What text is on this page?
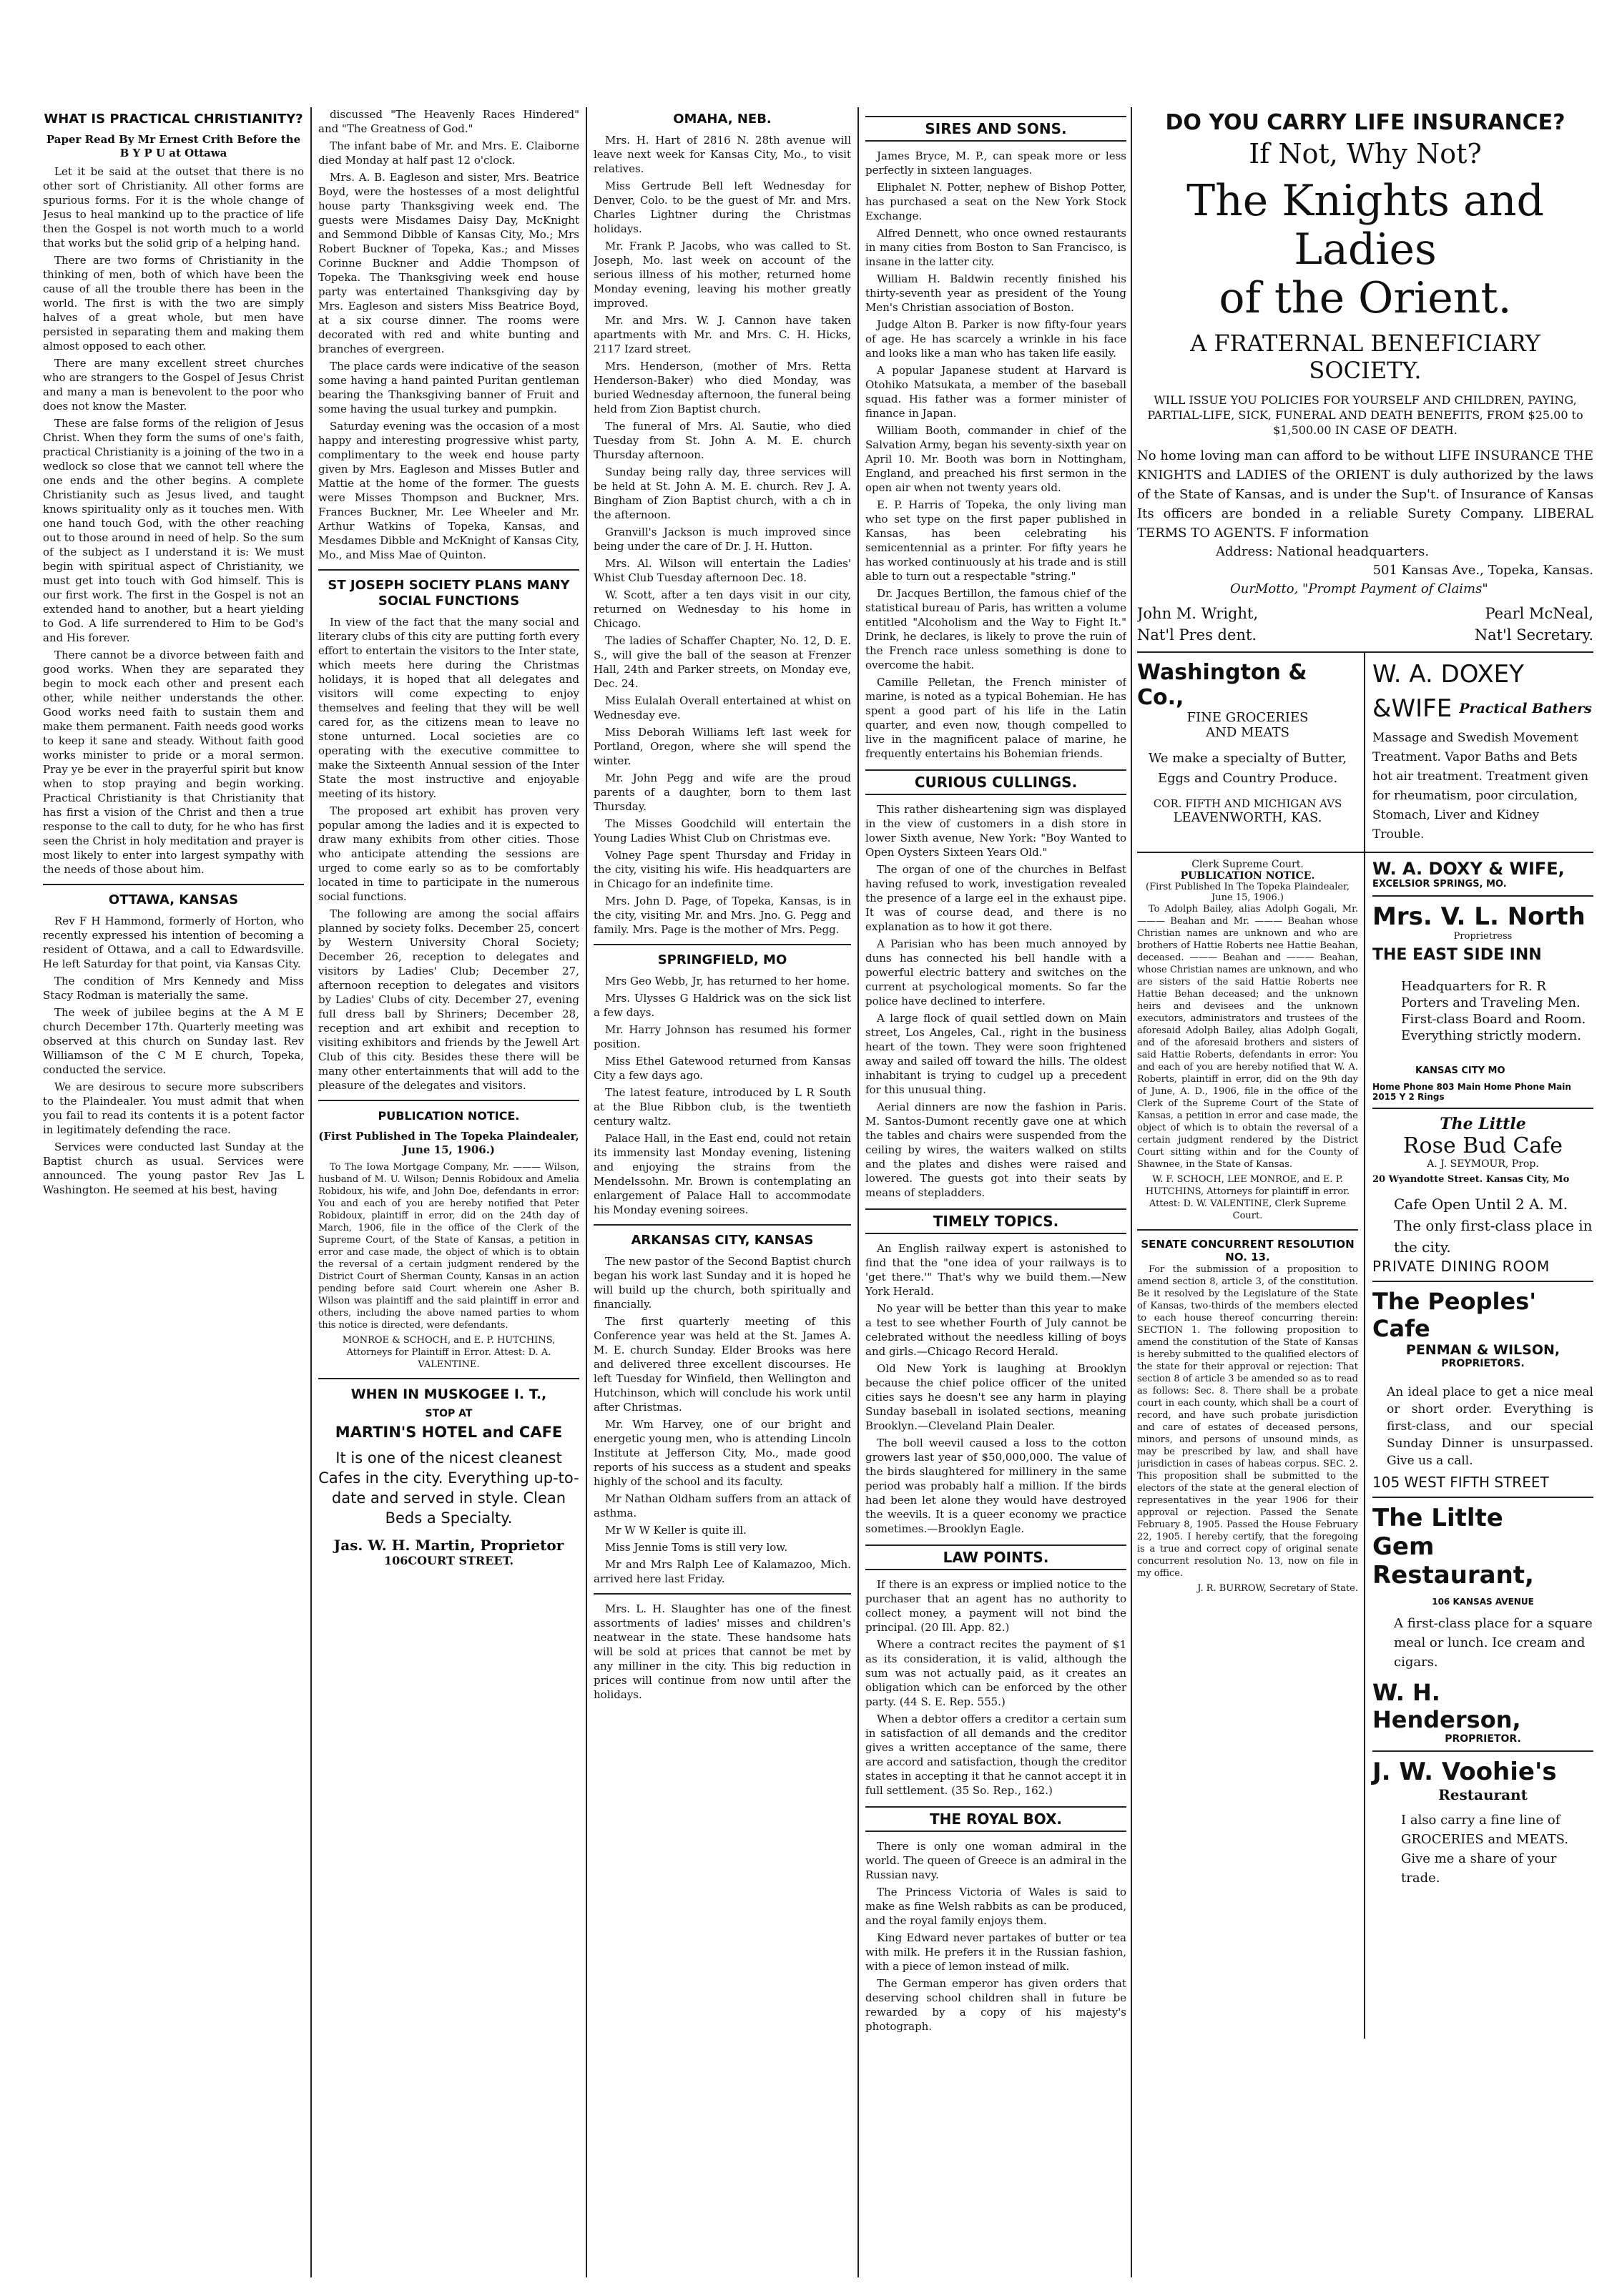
WHAT IS PRACTICAL CHRISTIANITY?
Paper Read By Mr Ernest Crith Before the B Y P U at Ottawa

Let it be said at the outset that there is no other sort of Christianity. All other forms are spurious forms. For it is the whole change of Jesus to heal mankind up to the practice of life then the Gospel is not worth much to a world that works but the solid grip of a helping hand.

There are two forms of Christianity in the thinking of men, both of which have been the cause of all the trouble there has been in the world. The first is with the two are simply halves of a great whole, but men have persisted in separating them and making them almost opposed to each other.

There are many excellent street churches who are strangers to the Gospel of Jesus Christ and many a man is benevolent to the poor who does not know the Master.

These are false forms of the religion of Jesus Christ. When they form the sums of one's faith, practical Christianity is a joining of the two in a wedlock so close that we cannot tell where the one ends and the other begins. A complete Christianity such as Jesus lived, and taught knows spirituality only as it touches men. With one hand touch God, with the other reaching out to those around in need of help. So the sum of the subject as I understand it is: We must begin with spiritual aspect of Christianity, we must get into touch with God himself. This is our first work. The first in the Gospel is not an extended hand to another, but a heart yielding to God. A life surrendered to Him to be God's and His forever.

There cannot be a divorce between faith and good works. When they are separated they begin to mock each other and present each other, while neither understands the other. Good works need faith to sustain them and make them permanent. Faith needs good works to keep it sane and steady. Without faith good works minister to pride or a moral sermon. Pray ye be ever in the prayerful spirit but know when to stop praying and begin working. Practical Christianity is that Christianity that has first a vision of the Christ and then a true response to the call to duty, for he who has first seen the Christ in holy meditation and prayer is most likely to enter into largest sympathy with the needs of those about him.

OTTAWA, KANSAS

Rev F H Hammond, formerly of Horton, who recently expressed his intention of becoming a resident of Ottawa, and a call to Edwardsville. He left Saturday for that point, via Kansas City.

The condition of Mrs Kennedy and Miss Stacy Rodman is materially the same.

The week of jubilee begins at the A M E church December 17th. Quarterly meeting was observed at this church on Sunday last. Rev Williamson of the C M E church, Topeka, conducted the service.

We are desirous to secure more subscribers to the Plaindealer. You must admit that when you fail to read its contents it is a potent factor in legitimately defending the race.

Services were conducted last Sunday at the Baptist church as usual. Services were announced. The young pastor Rev Jas L Washington. He seemed at his best, having

discussed "The Heavenly Races Hindered" and "The Greatness of God."

The infant babe of Mr. and Mrs. E. Claiborne died Monday at half past 12 o'clock.

Mrs. A. B. Eagleson and sister, Mrs. Beatrice Boyd, were the hostesses of a most delightful house party Thanksgiving week end. The guests were Misdames Daisy Day, McKnight and Semmond Dibble of Kansas City, Mo.; Mrs Robert Buckner of Topeka, Kas.; and Misses Corinne Buckner and Addie Thompson of Topeka. The Thanksgiving week end house party was entertained Thanksgiving day by Mrs. Eagleson and sisters Miss Beatrice Boyd, at a six course dinner. The rooms were decorated with red and white bunting and branches of evergreen.

The place cards were indicative of the season some having a hand painted Puritan gentleman bearing the Thanksgiving banner of Fruit and some having the usual turkey and pumpkin.

Saturday evening was the occasion of a most happy and interesting progressive whist party, complimentary to the week end house party given by Mrs. Eagleson and Misses Butler and Mattie at the home of the former. The guests were Misses Thompson and Buckner, Mrs. Frances Buckner, Mr. Lee Wheeler and Mr. Arthur Watkins of Topeka, Kansas, and Mesdames Dibble and McKnight of Kansas City, Mo., and Miss Mae of Quinton.

ST JOSEPH SOCIETY PLANS MANY SOCIAL FUNCTIONS

In view of the fact that the many social and literary clubs of this city are putting forth every effort to entertain the visitors to the Inter state, which meets here during the Christmas holidays, it is hoped that all delegates and visitors will come expecting to enjoy themselves and feeling that they will be well cared for, as the citizens mean to leave no stone unturned. Local societies are co operating with the executive committee to make the Sixteenth Annual session of the Inter State the most instructive and enjoyable meeting of its history.

The proposed art exhibit has proven very popular among the ladies and it is expected to draw many exhibits from other cities. Those who anticipate attending the sessions are urged to come early so as to be comfortably located in time to participate in the numerous social functions.

The following are among the social affairs planned by society folks. December 25, concert by Western University Choral Society; December 26, reception to delegates and visitors by Ladies' Club; December 27, afternoon reception to delegates and visitors by Ladies' Clubs of city. December 27, evening full dress ball by Shriners; December 28, reception and art exhibit and reception to visiting exhibitors and friends by the Jewell Art Club of this city. Besides these there will be many other entertainments that will add to the pleasure of the delegates and visitors.

PUBLICATION NOTICE.
(First Published in The Topeka Plaindealer, June 15, 1906.)

To The Iowa Mortgage Company, Mr. ——— Wilson, husband of M. U. Wilson; Dennis Robidoux and Amelia Robidoux, his wife, and John Doe, defendants in error: You and each of you are hereby notified that Peter Robidoux, plaintiff in error, did on the 24th day of March, 1906, file in the office of the Clerk of the Supreme Court, of the State of Kansas, a petition in error and case made, the object of which is to obtain the reversal of a certain judgment rendered by the District Court of Sherman County, Kansas in an action pending before said Court wherein one Asher B. Wilson was plaintiff and the said plaintiff in error and others, including the above named parties to whom this notice is directed, were defendants.

MONROE & SCHOCH, and E. P. HUTCHINS, Attorneys for Plaintiff in Error. Attest: D. A. VALENTINE.

WHEN IN MUSKOGEE I. T.,
STOP AT
MARTIN'S HOTEL and CAFE
It is one of the nicest cleanest Cafes in the city. Everything up-to-date and served in style. Clean Beds a Specialty.
Jas. W. H. Martin, Proprietor
106COURT STREET.
OMAHA, NEB.

Mrs. H. Hart of 2816 N. 28th avenue will leave next week for Kansas City, Mo., to visit relatives.

Miss Gertrude Bell left Wednesday for Denver, Colo. to be the guest of Mr. and Mrs. Charles Lightner during the Christmas holidays.

Mr. Frank P. Jacobs, who was called to St. Joseph, Mo. last week on account of the serious illness of his mother, returned home Monday evening, leaving his mother greatly improved.

Mr. and Mrs. W. J. Cannon have taken apartments with Mr. and Mrs. C. H. Hicks, 2117 Izard street.

Mrs. Henderson, (mother of Mrs. Retta Henderson-Baker) who died Monday, was buried Wednesday afternoon, the funeral being held from Zion Baptist church.

The funeral of Mrs. Al. Sautie, who died Tuesday from St. John A. M. E. church Thursday afternoon.

Sunday being rally day, three services will be held at St. John A. M. E. church. Rev J. A. Bingham of Zion Baptist church, with a ch in the afternoon.

Granvill's Jackson is much improved since being under the care of Dr. J. H. Hutton.

Mrs. Al. Wilson will entertain the Ladies' Whist Club Tuesday afternoon Dec. 18.

W. Scott, after a ten days visit in our city, returned on Wednesday to his home in Chicago.

The ladies of Schaffer Chapter, No. 12, D. E. S., will give the ball of the season at Frenzer Hall, 24th and Parker streets, on Monday eve, Dec. 24.

Miss Eulalah Overall entertained at whist on Wednesday eve.

Miss Deborah Williams left last week for Portland, Oregon, where she will spend the winter.

Mr. John Pegg and wife are the proud parents of a daughter, born to them last Thursday.

The Misses Goodchild will entertain the Young Ladies Whist Club on Christmas eve.

Volney Page spent Thursday and Friday in the city, visiting his wife. His headquarters are in Chicago for an indefinite time.

Mrs. John D. Page, of Topeka, Kansas, is in the city, visiting Mr. and Mrs. Jno. G. Pegg and family. Mrs. Page is the mother of Mrs. Pegg.

SPRINGFIELD, MO

Mrs Geo Webb, Jr, has returned to her home.

Mrs. Ulysses G Haldrick was on the sick list a few days.

Mr. Harry Johnson has resumed his former position.

Miss Ethel Gatewood returned from Kansas City a few days ago.

The latest feature, introduced by L R South at the Blue Ribbon club, is the twentieth century waltz.

Palace Hall, in the East end, could not retain its immensity last Monday evening, listening and enjoying the strains from the Mendelssohn. Mr. Brown is contemplating an enlargement of Palace Hall to accommodate his Monday evening soirees.

ARKANSAS CITY, KANSAS

The new pastor of the Second Baptist church began his work last Sunday and it is hoped he will build up the church, both spiritually and financially.

The first quarterly meeting of this Conference year was held at the St. James A. M. E. church Sunday. Elder Brooks was here and delivered three excellent discourses. He left Tuesday for Winfield, then Wellington and Hutchinson, which will conclude his work until after Christmas.

Mr. Wm Harvey, one of our bright and energetic young men, who is attending Lincoln Institute at Jefferson City, Mo., made good reports of his success as a student and speaks highly of the school and its faculty.

Mr Nathan Oldham suffers from an attack of asthma.

Mr W W Keller is quite ill.

Miss Jennie Toms is still very low.

Mr and Mrs Ralph Lee of Kalamazoo, Mich. arrived here last Friday.

Mrs. L. H. Slaughter has one of the finest assortments of ladies' misses and children's neatwear in the state. These handsome hats will be sold at prices that cannot be met by any milliner in the city. This big reduction in prices will continue from now until after the holidays.

SIRES AND SONS.

James Bryce, M. P., can speak more or less perfectly in sixteen languages.

Eliphalet N. Potter, nephew of Bishop Potter, has purchased a seat on the New York Stock Exchange.

Alfred Dennett, who once owned restaurants in many cities from Boston to San Francisco, is insane in the latter city.

William H. Baldwin recently finished his thirty-seventh year as president of the Young Men's Christian association of Boston.

Judge Alton B. Parker is now fifty-four years of age. He has scarcely a wrinkle in his face and looks like a man who has taken life easily.

A popular Japanese student at Harvard is Otohiko Matsukata, a member of the baseball squad. His father was a former minister of finance in Japan.

William Booth, commander in chief of the Salvation Army, began his seventy-sixth year on April 10. Mr. Booth was born in Nottingham, England, and preached his first sermon in the open air when not twenty years old.

E. P. Harris of Topeka, the only living man who set type on the first paper published in Kansas, has been celebrating his semicentennial as a printer. For fifty years he has worked continuously at his trade and is still able to turn out a respectable "string."

Dr. Jacques Bertillon, the famous chief of the statistical bureau of Paris, has written a volume entitled "Alcoholism and the Way to Fight It." Drink, he declares, is likely to prove the ruin of the French race unless something is done to overcome the habit.

Camille Pelletan, the French minister of marine, is noted as a typical Bohemian. He has spent a good part of his life in the Latin quarter, and even now, though compelled to live in the magnificent palace of marine, he frequently entertains his Bohemian friends.

CURIOUS CULLINGS.

This rather disheartening sign was displayed in the view of customers in a dish store in lower Sixth avenue, New York: "Boy Wanted to Open Oysters Sixteen Years Old."

The organ of one of the churches in Belfast having refused to work, investigation revealed the presence of a large eel in the exhaust pipe. It was of course dead, and there is no explanation as to how it got there.

A Parisian who has been much annoyed by duns has connected his bell handle with a powerful electric battery and switches on the current at psychological moments. So far the police have declined to interfere.

A large flock of quail settled down on Main street, Los Angeles, Cal., right in the business heart of the town. They were soon frightened away and sailed off toward the hills. The oldest inhabitant is trying to cudgel up a precedent for this unusual thing.

Aerial dinners are now the fashion in Paris. M. Santos-Dumont recently gave one at which the tables and chairs were suspended from the ceiling by wires, the waiters walked on stilts and the plates and dishes were raised and lowered. The guests got into their seats by means of stepladders.

TIMELY TOPICS.

An English railway expert is astonished to find that the "one idea of your railways is to 'get there.'" That's why we build them.—New York Herald.

No year will be better than this year to make a test to see whether Fourth of July cannot be celebrated without the needless killing of boys and girls.—Chicago Record Herald.

Old New York is laughing at Brooklyn because the chief police officer of the united cities says he doesn't see any harm in playing Sunday baseball in isolated sections, meaning Brooklyn.—Cleveland Plain Dealer.

The boll weevil caused a loss to the cotton growers last year of $50,000,000. The value of the birds slaughtered for millinery in the same period was probably half a million. If the birds had been let alone they would have destroyed the weevils. It is a queer economy we practice sometimes.—Brooklyn Eagle.

LAW POINTS.

If there is an express or implied notice to the purchaser that an agent has no authority to collect money, a payment will not bind the principal. (20 Ill. App. 82.)

Where a contract recites the payment of $1 as its consideration, it is valid, although the sum was not actually paid, as it creates an obligation which can be enforced by the other party. (44 S. E. Rep. 555.)

When a debtor offers a creditor a certain sum in satisfaction of all demands and the creditor gives a written acceptance of the same, there are accord and satisfaction, though the creditor states in accepting it that he cannot accept it in full settlement. (35 So. Rep., 162.)

THE ROYAL BOX.

There is only one woman admiral in the world. The queen of Greece is an admiral in the Russian navy.

The Princess Victoria of Wales is said to make as fine Welsh rabbits as can be produced, and the royal family enjoys them.

King Edward never partakes of butter or tea with milk. He prefers it in the Russian fashion, with a piece of lemon instead of milk.

The German emperor has given orders that deserving school children shall in future be rewarded by a copy of his majesty's photograph.

DO YOU CARRY LIFE INSURANCE?
If Not, Why Not?
The Knights and Ladies
of the Orient.
A FRATERNAL BENEFICIARY
SOCIETY.
WILL ISSUE YOU POLICIES FOR YOURSELF AND CHILDREN, PAYING, PARTIAL-LIFE, SICK, FUNERAL AND DEATH BENEFITS, FROM $25.00 to $1,500.00 IN CASE OF DEATH.
No home loving man can afford to be without LIFE INSURANCE THE KNIGHTS and LADIES of the ORIENT is duly authorized by the laws of the State of Kansas, and is under the Sup't. of Insurance of Kansas Its officers are bonded in a reliable Surety Company. LIBERAL TERMS TO AGENTS. F information
Address: National headquarters.
501 Kansas Ave., Topeka, Kansas.
OurMotto, "Prompt Payment of Claims"
John M. Wright,
Nat'l Pres dent.
Pearl McNeal,
Nat'l Secretary.
Washington & Co.,
FINE GROCERIES
AND MEATS
We make a specialty of Butter, Eggs and Country Produce.
COR. FIFTH AND MICHIGAN AVS
LEAVENWORTH, KAS.
W. A. DOXEY
&WIFE Practical Bathers
Massage and Swedish Movement Treatment. Vapor Baths and Bets hot air treatment. Treatment given for rheumatism, poor circulation, Stomach, Liver and Kidney Trouble.
Clerk Supreme Court.
PUBLICATION NOTICE.
(First Published In The Topeka Plaindealer, June 15, 1906.)

To Adolph Bailey, alias Adolph Gogali, Mr. ——— Beahan and Mr. ——— Beahan whose Christian names are unknown and who are brothers of Hattie Roberts nee Hattie Beahan, deceased. ——— Beahan and ——— Beahan, whose Christian names are unknown, and who are sisters of the said Hattie Roberts nee Hattie Behan deceased; and the unknown heirs and devisees and the unknown executors, administrators and trustees of the aforesaid Adolph Bailey, alias Adolph Gogali, and of the aforesaid brothers and sisters of said Hattie Roberts, defendants in error: You and each of you are hereby notified that W. A. Roberts, plaintiff in error, did on the 9th day of June, A. D., 1906, file in the office of the Clerk of the Supreme Court of the State of Kansas, a petition in error and case made, the object of which is to obtain the reversal of a certain judgment rendered by the District Court sitting within and for the County of Shawnee, in the State of Kansas.

W. F. SCHOCH, LEE MONROE, and E. P. HUTCHINS, Attorneys for plaintiff in error. Attest: D. W. VALENTINE, Clerk Supreme Court.

SENATE CONCURRENT RESOLUTION NO. 13.

For the submission of a proposition to amend section 8, article 3, of the constitution. Be it resolved by the Legislature of the State of Kansas, two-thirds of the members elected to each house thereof concurring therein: SECTION 1. The following proposition to amend the constitution of the State of Kansas is hereby submitted to the qualified electors of the state for their approval or rejection: That section 8 of article 3 be amended so as to read as follows: Sec. 8. There shall be a probate court in each county, which shall be a court of record, and have such probate jurisdiction and care of estates of deceased persons, minors, and persons of unsound minds, as may be prescribed by law, and shall have jurisdiction in cases of habeas corpus. SEC. 2. This proposition shall be submitted to the electors of the state at the general election of representatives in the year 1906 for their approval or rejection. Passed the Senate February 8, 1905. Passed the House February 22, 1905. I hereby certify, that the foregoing is a true and correct copy of original senate concurrent resolution No. 13, now on file in my office.

J. R. BURROW, Secretary of State.

W. A. DOXY & WIFE,
EXCELSIOR SPRINGS, MO.
Mrs. V. L. North
Proprietress
THE EAST SIDE INN
Headquarters for R. R Porters and Traveling Men. First-class Board and Room. Everything strictly modern.
KANSAS CITY MO
Home Phone 803 Main Home Phone Main 2015 Y 2 Rings
The Little
Rose Bud Cafe
A. J. SEYMOUR, Prop.
20 Wyandotte Street. Kansas City, Mo
Cafe Open Until 2 A. M.
The only first-class place in the city.
PRIVATE DINING ROOM
The Peoples' Cafe
PENMAN & WILSON,
PROPRIETORS.
An ideal place to get a nice meal or short order. Everything is first-class, and our special Sunday Dinner is unsurpassed. Give us a call.
105 WEST FIFTH STREET
The Litlte
Gem Restaurant,
106 KANSAS AVENUE
A first-class place for a square meal or lunch. Ice cream and cigars.
W. H. Henderson,
PROPRIETOR.
J. W. Voohie's
Restaurant
I also carry a fine line of GROCERIES and MEATS. Give me a share of your trade.
